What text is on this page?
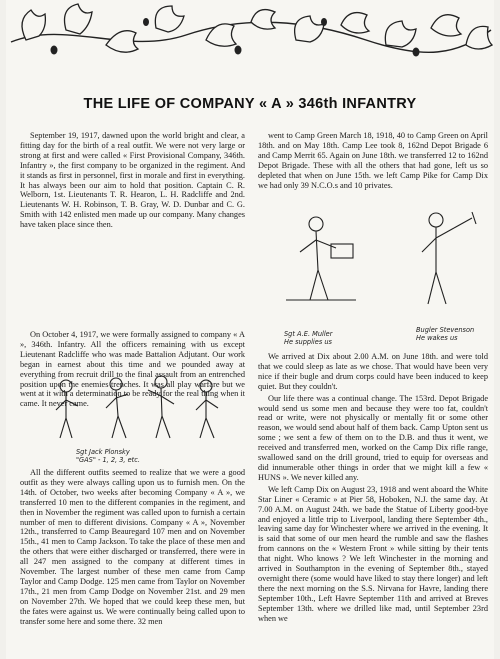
THE LIFE OF COMPANY « A » 346th INFANTRY

September 19, 1917, dawned upon the world bright and clear, a fitting day for the birth of a real outfit. We were not very large or strong at first and were called « First Provisional Company, 346th. Infantry », the first company to be organized in the regiment. And it stands as first in personnel, first in morale and first in everything. It has always been our aim to hold that position. Captain C. R. Welborn, 1st. Lieutenants T. R. Hearon, L. H. Radcliffe and 2nd. Lieutenants W. H. Robinson, T. B. Gray, W. D. Dunbar and C. G. Smith with 142 enlisted men made up our company. Many changes have taken place since then.

On October 4, 1917, we were formally assigned to company « A », 346th. Infantry. All the officers remaining with us except Lieutenant Radcliffe who was made Battalion Adjutant. Our work began in earnest about this time and we pounded away at everything from recruit drill to the final assault from an entrenched position upon the enemies trenches. It was all play warfare but we went at it with a determination to be ready for the real thing when it came. It never came.

Sgt Jack Plonsky
"GAS" - 1, 2, 3, etc.

All the different outfits seemed to realize that we were a good outfit as they were always calling upon us to furnish men. On the 14th. of October, two weeks after becoming Company « A », we transferred 10 men to the different companies in the regiment, and then in November the regiment was called upon to furnish a certain number of men to different divisions. Company « A », November 12th., transferred to Camp Beauregard 107 men and on November 15th., 41 men to Camp Jackson. To take the place of these men and the others that were either discharged or transferred, there were in all 247 men assigned to the company at different times in November. The largest number of these men came from Camp Taylor and Camp Dodge. 125 men came from Taylor on November 17th., 21 men from Camp Dodge on November 21st. and 29 men on November 27th. We hoped that we could keep these men, but the fates were against us. We were continually being called upon to transfer some here and some there. 32 men

went to Camp Green March 18, 1918, 40 to Camp Green on April 18th. and on May 18th. Camp Lee took 8, 162nd Depot Brigade 6 and Camp Merrit 65. Again on June 18th. we transferred 12 to 162nd Depot Brigade. These with all the others that had gone, left us so depleted that when on June 15th. we left Camp Pike for Camp Dix we had only 39 N.C.O.s and 10 privates.

Sgt A.E. Muller
He supplies us
Bugler Stevenson
He wakes us

We arrived at Dix about 2.00 A.M. on June 18th. and were told that we could sleep as late as we chose. That would have been very nice if their bugle and drum corps could have been induced to keep quiet. But they couldn't.

Our life there was a continual change. The 153rd. Depot Brigade would send us some men and because they were too fat, couldn't read or write, were not physically or mentally fit or some other reason, we would send about half of them back. Camp Upton sent us some ; we sent a few of them on to the D.B. and thus it went, we received and transferred men, worked on the Camp Dix rifle range, swallowed sand on the drill ground, tried to equip for overseas and did innumerable other things in order that we might kill a few « HUNS ». We never killed any.

We left Camp Dix on August 23, 1918 and went aboard the White Star Liner « Ceramic » at Pier 58, Hoboken, N.J. the same day. At 7.00 A.M. on August 24th. we bade the Statue of Liberty good-bye and enjoyed a little trip to Liverpool, landing there September 4th., leaving same day for Winchester where we arrived in the evening. It is said that some of our men heard the rumble and saw the flashes from cannons on the « Western Front » while sitting by their tents that night. Who knows ? We left Winchester in the morning and arrived in Southampton in the evening of September 8th., stayed overnight there (some would have liked to stay there longer) and left there the next morning on the S.S. Nirvana for Havre, landing there September 10th., Left Havre September 11th and arrived at Breves September 13th. where we drilled like mad, until September 23rd when we
